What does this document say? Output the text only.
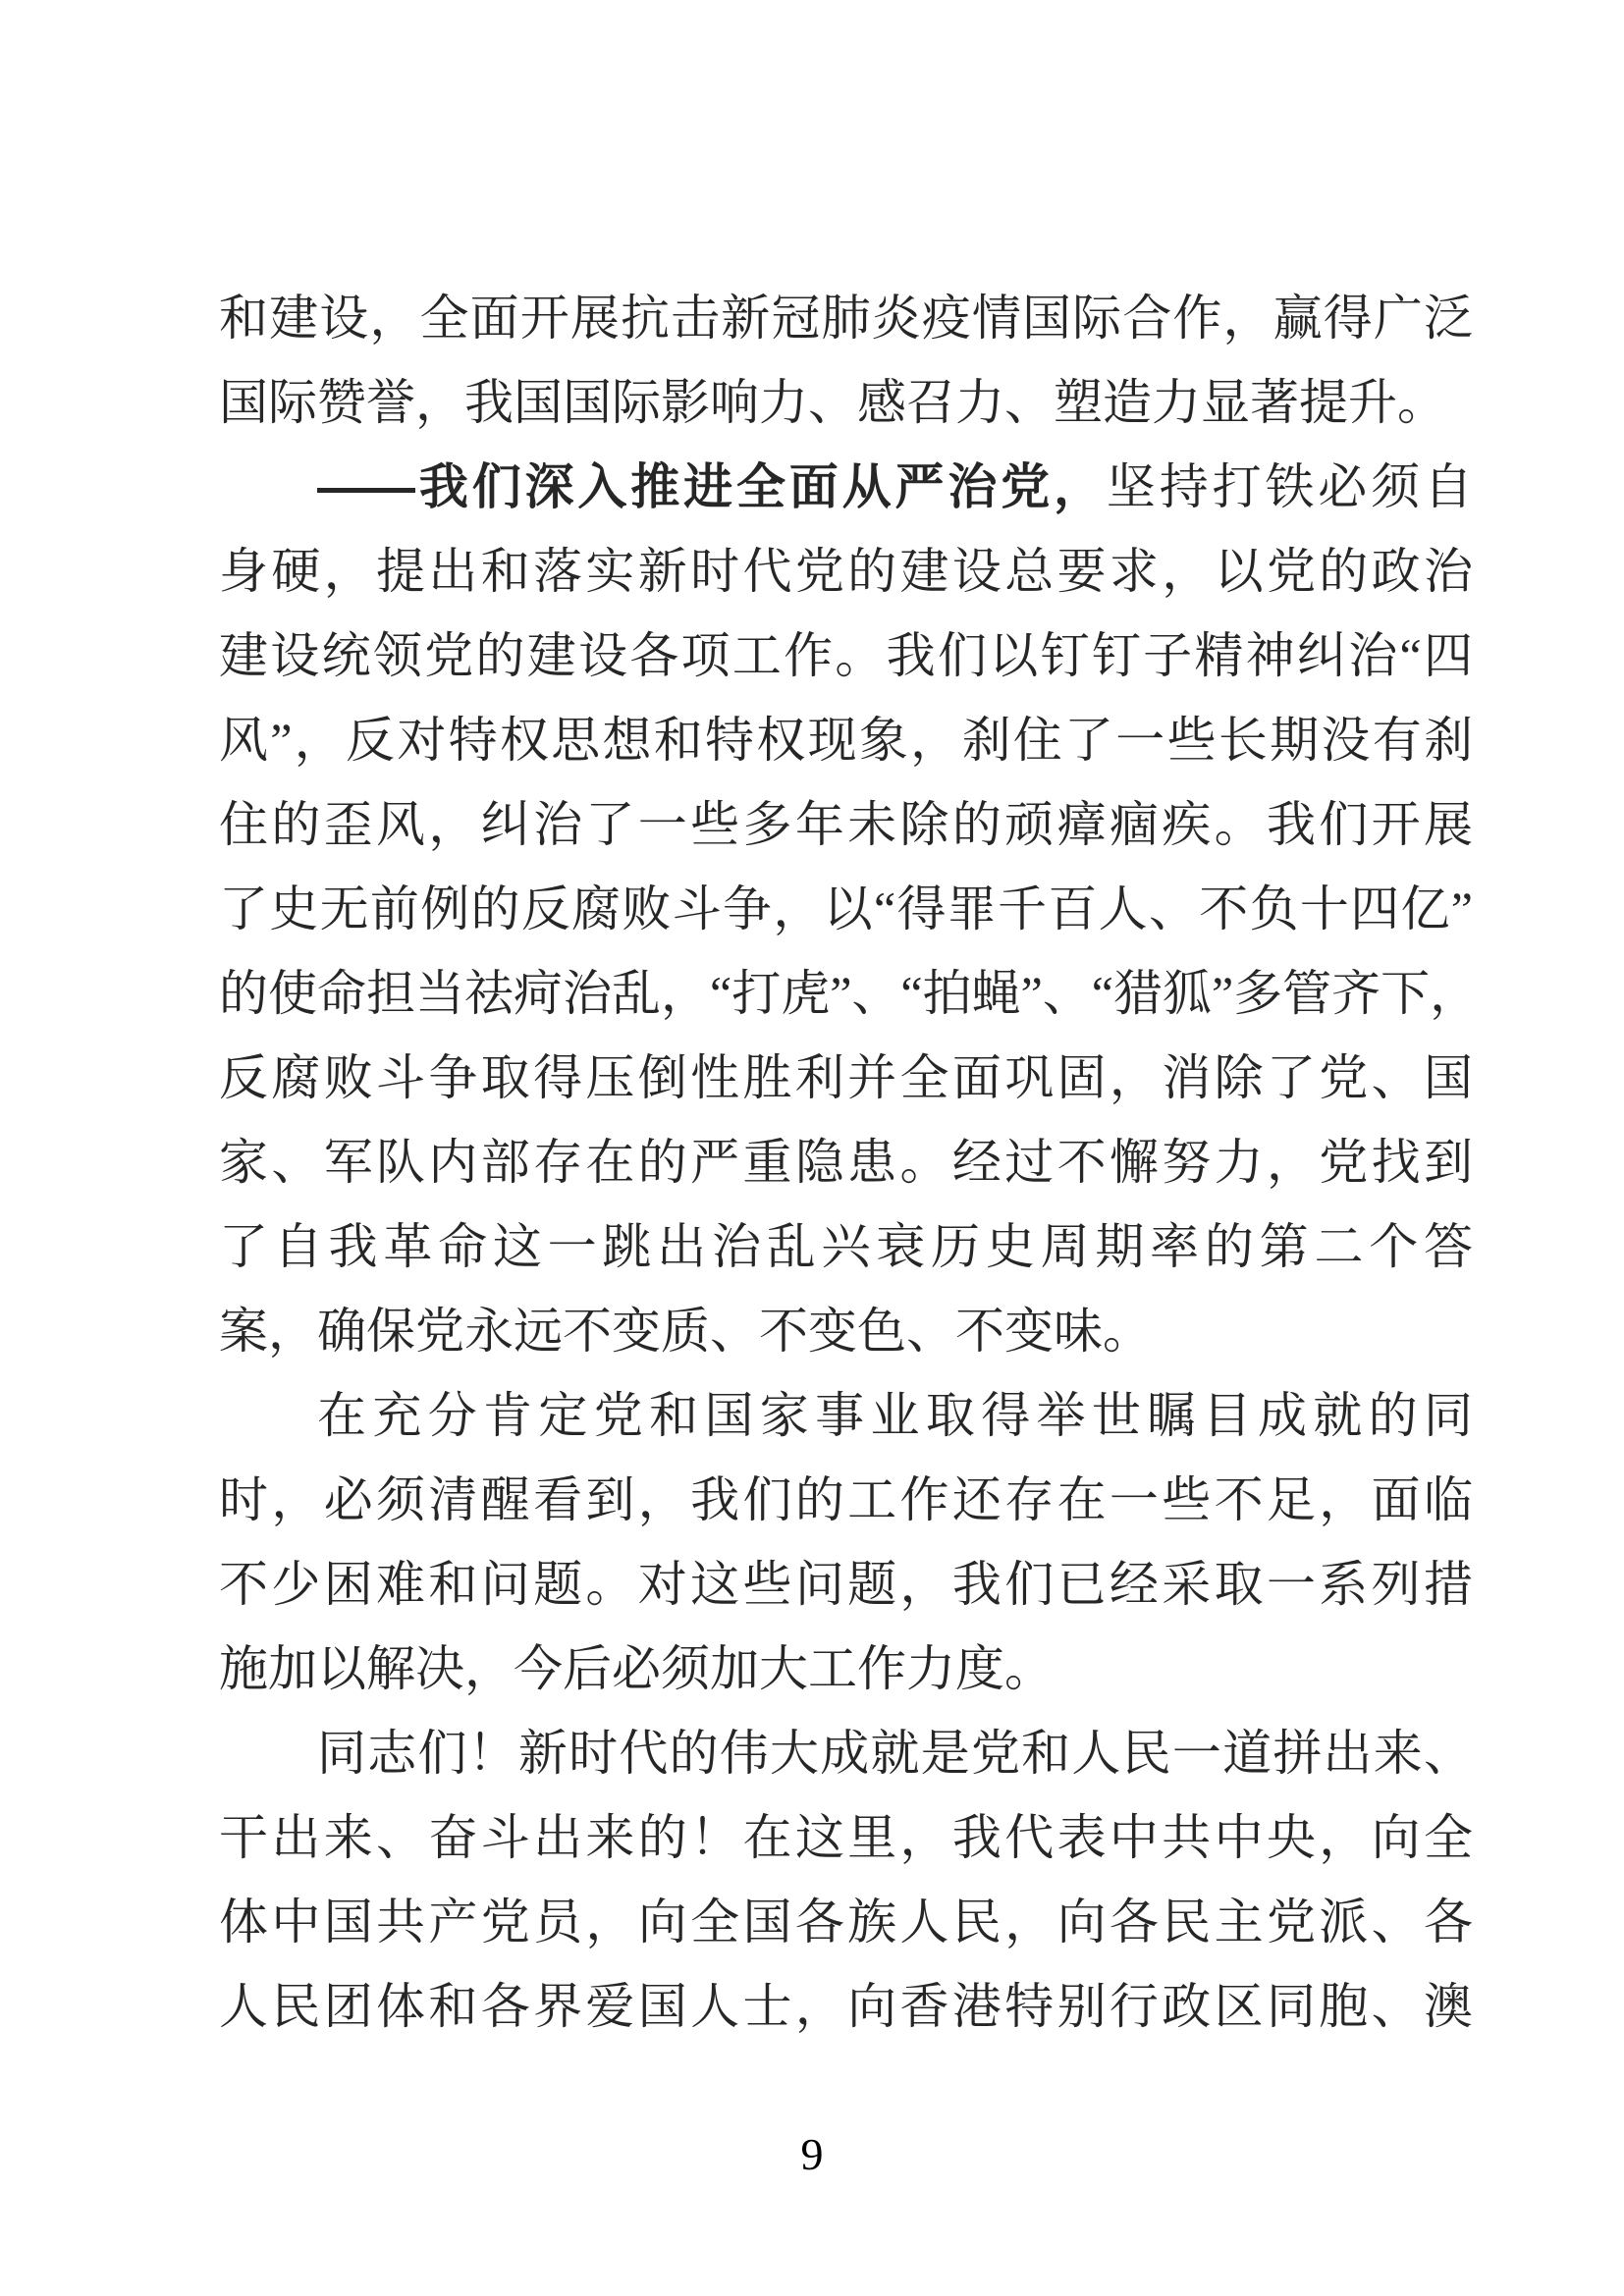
和建设，全面开展抗击新冠肺炎疫情国际合作，赢得广泛
国际赞誉，我国国际影响力、感召力、塑造力显著提升。
——我们深入推进全面从严治党，坚持打铁必须自
身硬，提出和落实新时代党的建设总要求，以党的政治
建设统领党的建设各项工作。我们以钉钉子精神纠治“四
风”，反对特权思想和特权现象，刹住了一些长期没有刹
住的歪风，纠治了一些多年未除的顽瘴痼疾。我们开展
了史无前例的反腐败斗争，以“得罪千百人、不负十四亿”
的使命担当祛疴治乱，“打虎”、“拍蝇”、“猎狐”多管齐下，
反腐败斗争取得压倒性胜利并全面巩固，消除了党、国
家、军队内部存在的严重隐患。经过不懈努力，党找到
了自我革命这一跳出治乱兴衰历史周期率的第二个答
案，确保党永远不变质、不变色、不变味。
在充分肯定党和国家事业取得举世瞩目成就的同
时，必须清醒看到，我们的工作还存在一些不足，面临
不少困难和问题。对这些问题，我们已经采取一系列措
施加以解决，今后必须加大工作力度。
同志们！新时代的伟大成就是党和人民一道拼出来、
干出来、奋斗出来的！在这里，我代表中共中央，向全
体中国共产党员，向全国各族人民，向各民主党派、各
人民团体和各界爱国人士，向香港特别行政区同胞、澳
9
